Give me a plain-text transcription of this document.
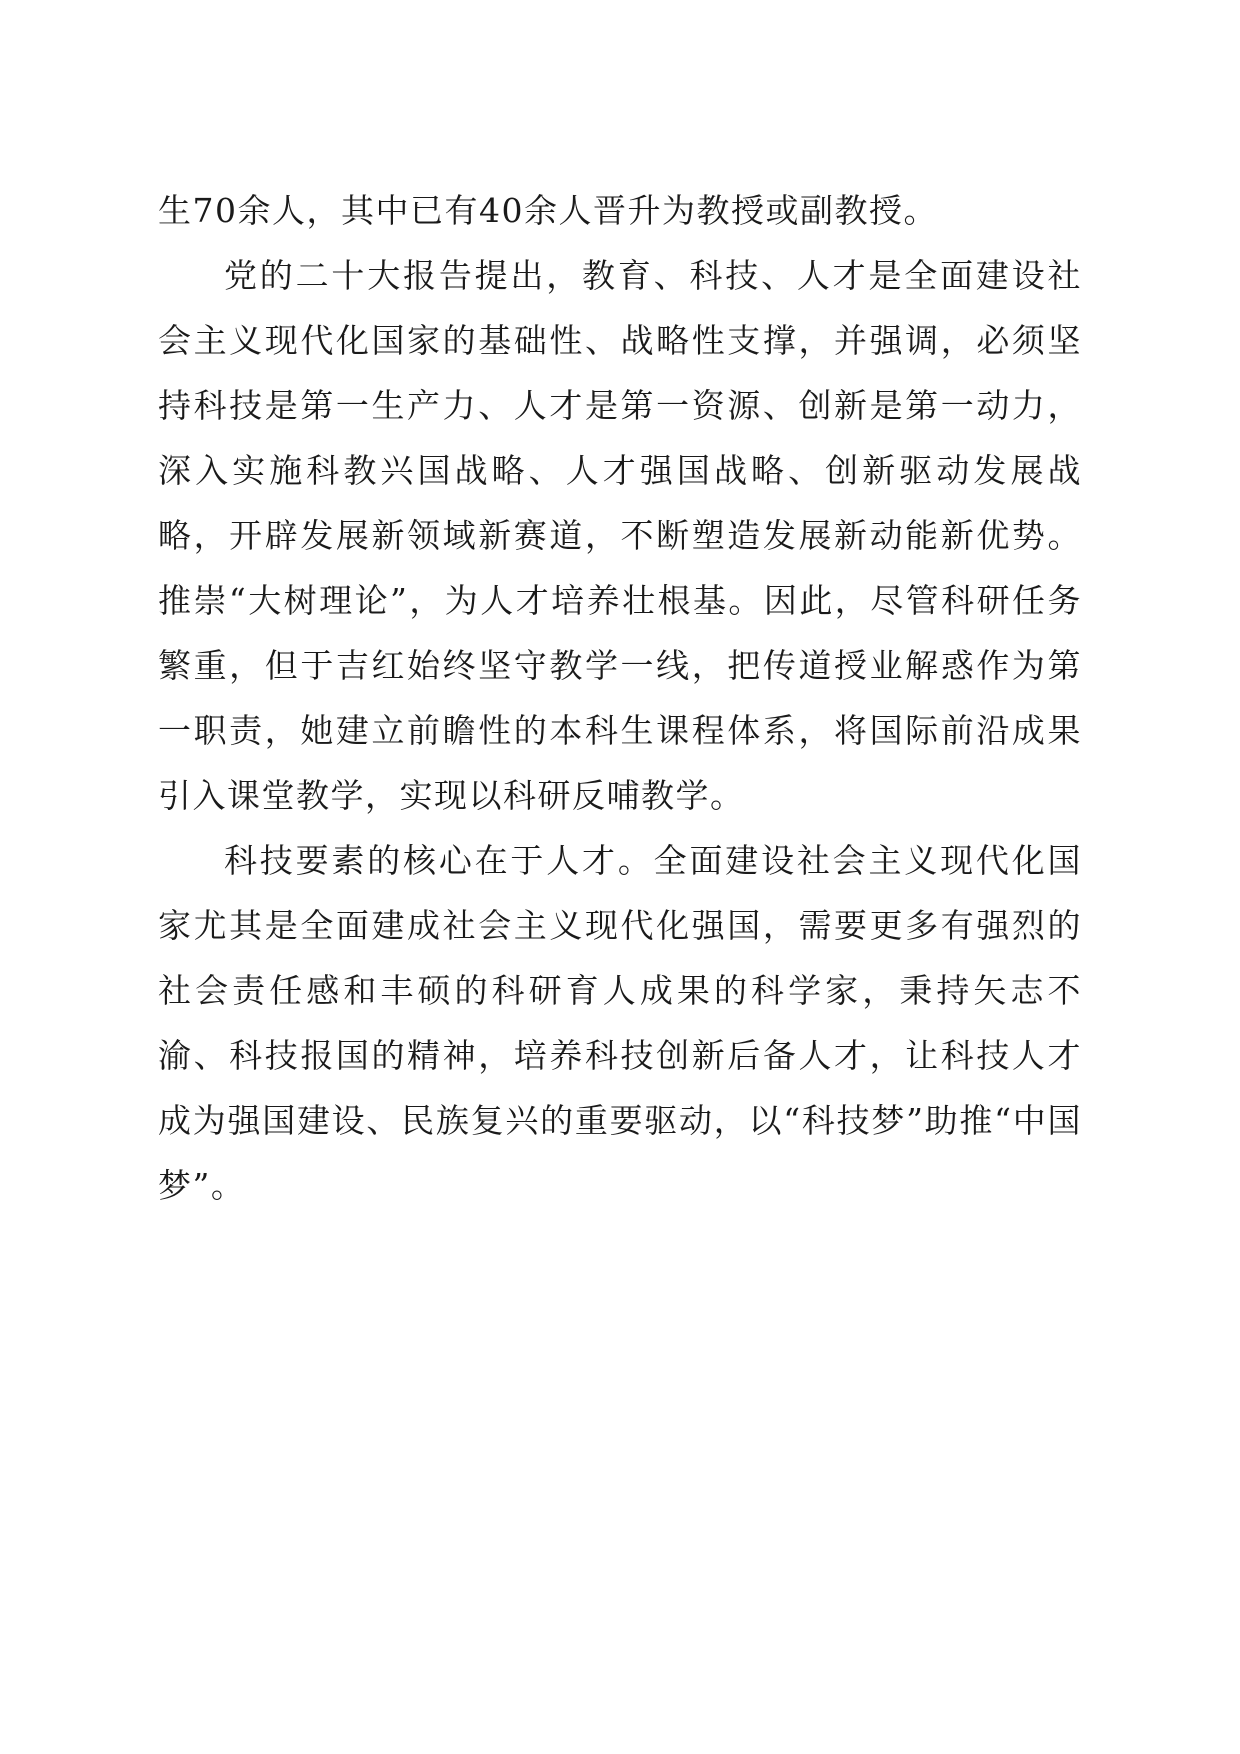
生70余人，其中已有40余人晋升为教授或副教授。

党的二十大报告提出，教育、科技、人才是全面建设社会主义现代化国家的基础性、战略性支撑，并强调，必须坚持科技是第一生产力、人才是第一资源、创新是第一动力，深入实施科教兴国战略、人才强国战略、创新驱动发展战略，开辟发展新领域新赛道，不断塑造发展新动能新优势。推崇“大树理论”，为人才培养壮根基。因此，尽管科研任务繁重，但于吉红始终坚守教学一线，把传道授业解惑作为第一职责，她建立前瞻性的本科生课程体系，将国际前沿成果引入课堂教学，实现以科研反哺教学。

科技要素的核心在于人才。全面建设社会主义现代化国家尤其是全面建成社会主义现代化强国，需要更多有强烈的社会责任感和丰硕的科研育人成果的科学家，秉持矢志不渝、科技报国的精神，培养科技创新后备人才，让科技人才成为强国建设、民族复兴的重要驱动，以“科技梦”助推“中国梦”。
